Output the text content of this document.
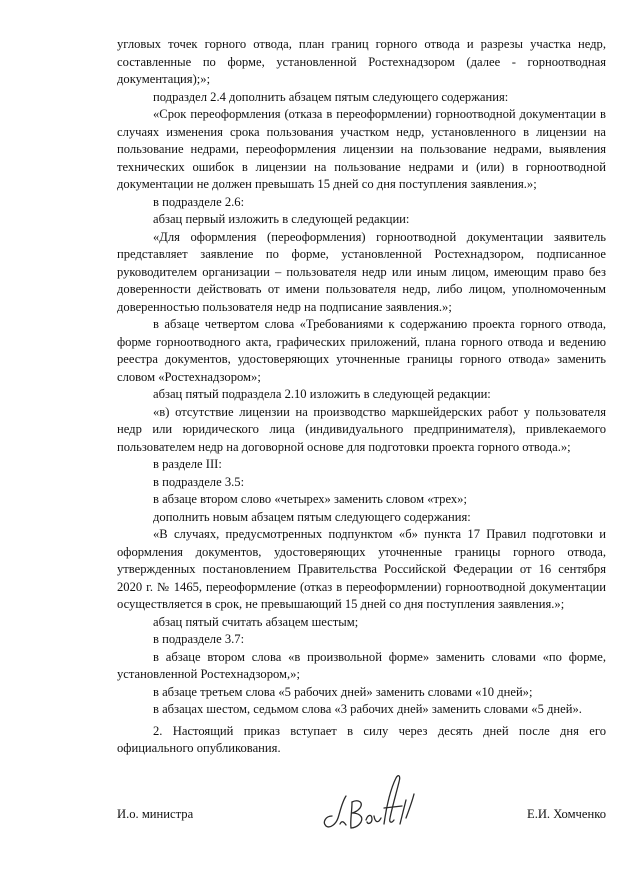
угловых точек горного отвода, план границ горного отвода и разрезы участка недр, составленные по форме, установленной Ростехнадзором (далее - горноотводная документация);»;

подраздел 2.4 дополнить абзацем пятым следующего содержания:

«Срок переоформления (отказа в переоформлении) горноотводной документации в случаях изменения срока пользования участком недр, установленного в лицензии на пользование недрами, переоформления лицензии на пользование недрами, выявления технических ошибок в лицензии на пользование недрами и (или) в горноотводной документации не должен превышать 15 дней со дня поступления заявления.»;

в подразделе 2.6:

абзац первый изложить в следующей редакции:

«Для оформления (переоформления) горноотводной документации заявитель представляет заявление по форме, установленной Ростехнадзором, подписанное руководителем организации – пользователя недр или иным лицом, имеющим право без доверенности действовать от имени пользователя недр, либо лицом, уполномоченным доверенностью пользователя недр на подписание заявления.»;

в абзаце четвертом слова «Требованиями к содержанию проекта горного отвода, форме горноотводного акта, графических приложений, плана горного отвода и ведению реестра документов, удостоверяющих уточненные границы горного отвода» заменить словом «Ростехнадзором»;

абзац пятый подраздела 2.10 изложить в следующей редакции:

«в) отсутствие лицензии на производство маркшейдерских работ у пользователя недр или юридического лица (индивидуального предпринимателя), привлекаемого пользователем недр на договорной основе для подготовки проекта горного отвода.»;

в разделе III:

в подразделе 3.5:

в абзаце втором слово «четырех» заменить словом «трех»;

дополнить новым абзацем пятым следующего содержания:

«В случаях, предусмотренных подпунктом «б» пункта 17 Правил подготовки и оформления документов, удостоверяющих уточненные границы горного отвода, утвержденных постановлением Правительства Российской Федерации от 16 сентября 2020 г. № 1465, переоформление (отказ в переоформлении) горноотводной документации осуществляется в срок, не превышающий 15 дней со дня поступления заявления.»;

абзац пятый считать абзацем шестым;

в подразделе 3.7:

в абзаце втором слова «в произвольной форме» заменить словами «по форме, установленной Ростехнадзором,»;

в абзаце третьем слова «5 рабочих дней» заменить словами «10 дней»;

в абзацах шестом, седьмом слова «3 рабочих дней» заменить словами «5 дней».

2. Настоящий приказ вступает в силу через десять дней после дня его официального опубликования.

И.о. министра	Е.И. Хомченко
